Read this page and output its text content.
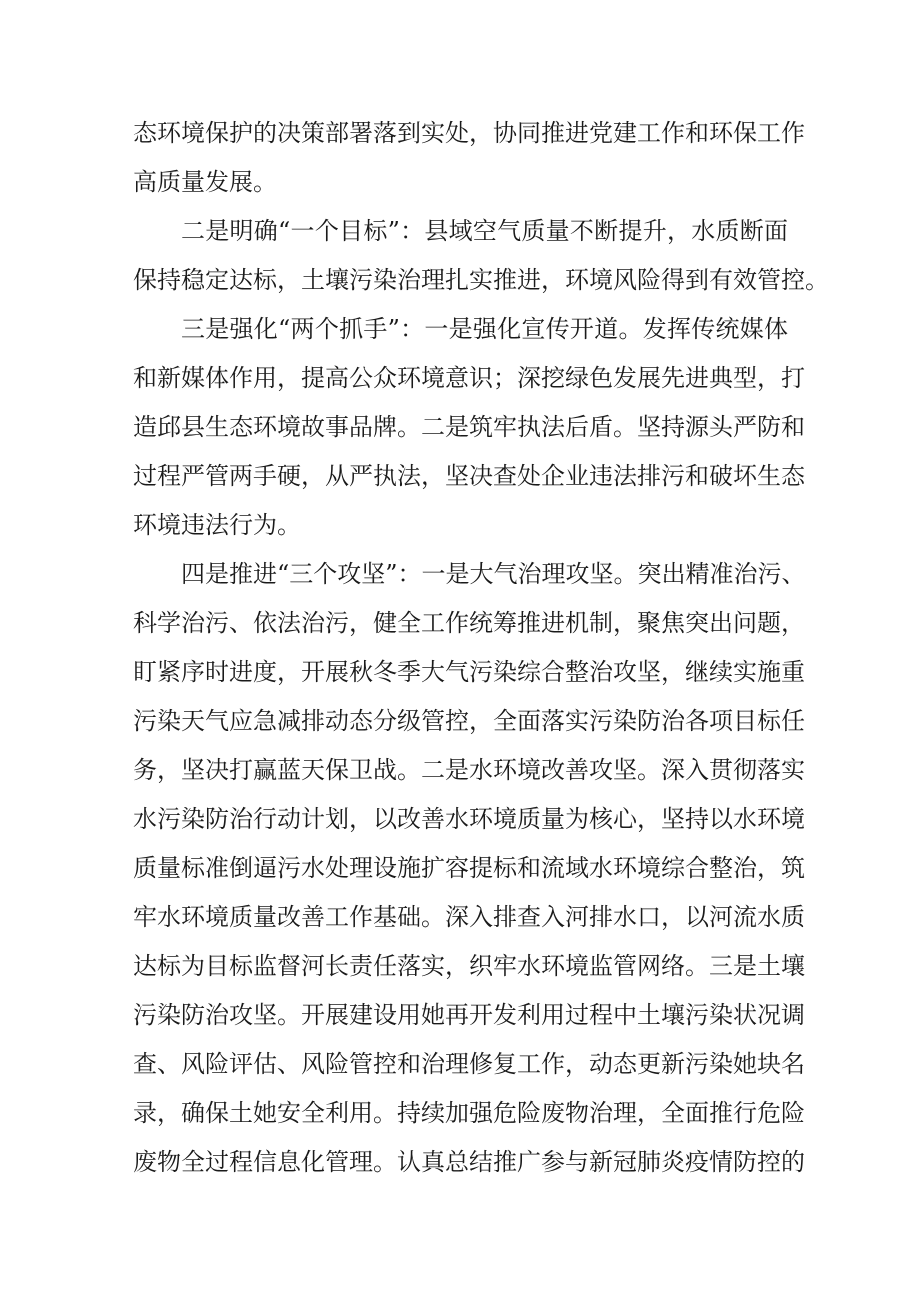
态环境保护的决策部署落到实处，协同推进党建工作和环保工作
高质量发展。
二是明确“一个目标”：县域空气质量不断提升，水质断面
保持稳定达标，土壤污染治理扎实推进，环境风险得到有效管控。
三是强化“两个抓手”：一是强化宣传开道。发挥传统媒体
和新媒体作用，提高公众环境意识；深挖绿色发展先进典型，打
造邱县生态环境故事品牌。二是筑牢执法后盾。坚持源头严防和
过程严管两手硬，从严执法，坚决查处企业违法排污和破坏生态
环境违法行为。
四是推进“三个攻坚”：一是大气治理攻坚。突出精准治污、
科学治污、依法治污，健全工作统筹推进机制，聚焦突出问题，
盯紧序时进度，开展秋冬季大气污染综合整治攻坚，继续实施重
污染天气应急减排动态分级管控，全面落实污染防治各项目标任
务，坚决打赢蓝天保卫战。二是水环境改善攻坚。深入贯彻落实
水污染防治行动计划，以改善水环境质量为核心，坚持以水环境
质量标准倒逼污水处理设施扩容提标和流域水环境综合整治，筑
牢水环境质量改善工作基础。深入排查入河排水口，以河流水质
达标为目标监督河长责任落实，织牢水环境监管网络。三是土壤
污染防治攻坚。开展建设用她再开发利用过程中土壤污染状况调
查、风险评估、风险管控和治理修复工作，动态更新污染她块名
录，确保土她安全利用。持续加强危险废物治理，全面推行危险
废物全过程信息化管理。认真总结推广参与新冠肺炎疫情防控的
